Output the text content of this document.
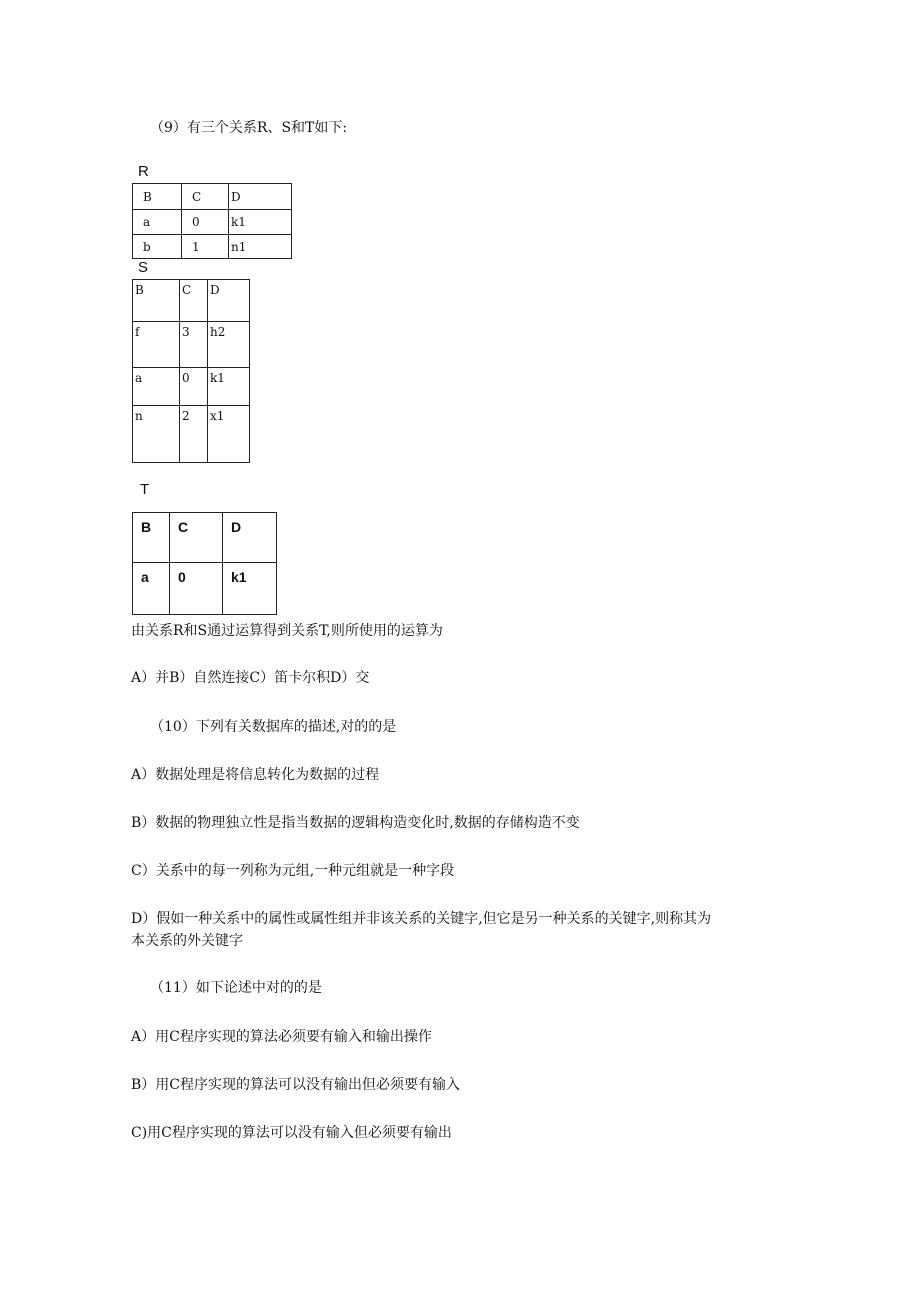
（9）有三个关系R、S和T如下:
R
B	C	D

a	0	k1

b	1	n1
S
B	C	D

f	3	h2

a	0	k1

n	2	x1
T
B	C	D

a	0	k1
由关系R和S通过运算得到关系T,则所使用的运算为
A）并B）自然连接C）笛卡尔积D）交
（10）下列有关数据库的描述,对的的是
A）数据处理是将信息转化为数据的过程
B）数据的物理独立性是指当数据的逻辑构造变化时,数据的存储构造不变
C）关系中的每一列称为元组,一种元组就是一种字段
D）假如一种关系中的属性或属性组并非该关系的关键字,但它是另一种关系的关键字,则称其为
本关系的外关键字
（11）如下论述中对的的是
A）用C程序实现的算法必须要有输入和输出操作
B）用C程序实现的算法可以没有输出但必须要有输入
C)用C程序实现的算法可以没有输入但必须要有输出
